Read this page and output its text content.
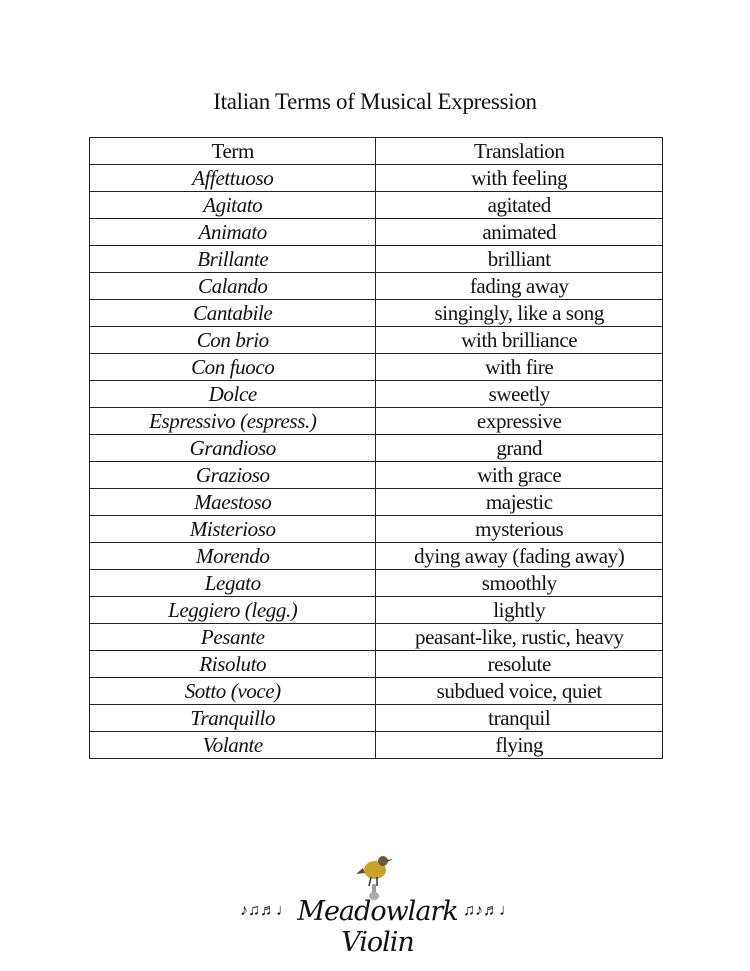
Italian Terms of Musical Expression
Term	Translation
Affettuoso	with feeling
Agitato	agitated
Animato	animated
Brillante	brilliant
Calando	fading away
Cantabile	singingly, like a song
Con brio	with brilliance
Con fuoco	with fire
Dolce	sweetly
Espressivo (espress.)	expressive
Grandioso	grand
Grazioso	with grace
Maestoso	majestic
Misterioso	mysterious
Morendo	dying away (fading away)
Legato	smoothly
Leggiero (legg.)	lightly
Pesante	peasant-like, rustic, heavy
Risoluto	resolute
Sotto (voce)	subdued voice, quiet
Tranquillo	tranquil
Volante	flying
♪♫♬♩ Meadowlark Violin
♫♪♬♩
